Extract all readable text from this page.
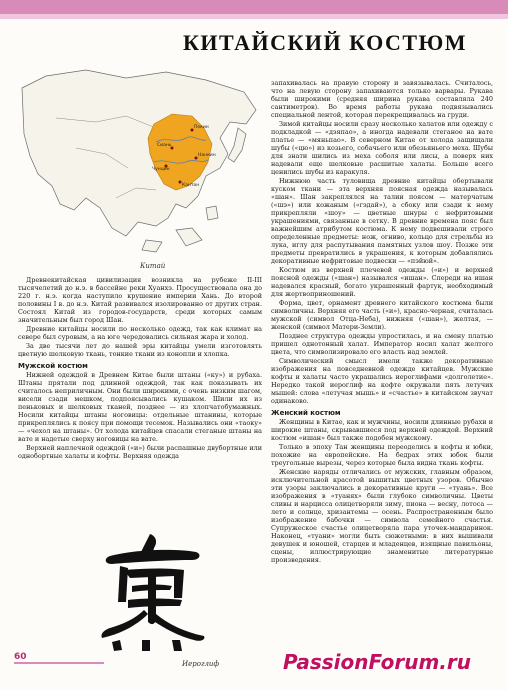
КИТАЙСКИЙ КОСТЮМ
Пекин
Сиань
Нанкин
Чунцин
Кантон
Китай

Древнекитайская цивилизация возникла на рубеже II-III тысячелетий до н.э. в бассейне реки Хуанхэ. Просуществовала она до 220 г. н.э. когда наступило крушение империи Хань. До второй половины I в. до н.э. Китай развивался изолированно от других стран. Состоял Китай из городов-государств, среди которых самым значительным был город Шан.

Древние китайцы носили по несколько одежд, так как климат на севере был суровым, а на юге чередовались сильная жара и холод.

За две тысячи лет до нашей эры китайцы умели изготовлять цветную шелковую ткань, тонкие ткани из конопли и хлопка.

Мужской костюм

Нижней одеждой в Древнем Китае были штаны («ку») и рубаха. Штаны прятали под длинной одеждой, так как показывать их считалось неприличным. Они были широкими, с очень низким шагом, висели сзади мешком, подпоясывались кушаком. Шили их из пеньковых и шелковых тканей, позднее — из хлопчатобумажных. Носили китайцы штаны ноговицы: отдельные штанины, которые прикреплялись к поясу при помощи тесемок. Назывались они «таоку» — «чехол на штаны». От холода китайцев спасали стеганые штаны на вате и надетые сверху ноговицы на вате.

Верхней наплечной одеждой («и») были распашные двубортные или однобортные халаты и кофты. Верхняя одежда

Иероглиф

запахивалась на правую сторону и завязывалась. Считалось, что на левую сторону запахиваются только варвары. Рукава были широкими (средняя ширина рукава составляла 240 сантиметров). Во время работы рукава подвязывались специальной лентой, которая перекрещивалась на груди.

Зимой китайцы носили сразу несколько халатов или одежду с подкладкой — «дэяпао», а иногда надевали стеганое на вате платье — «мяньпао». В северном Китае от холода защищали шубы («цю») из козьего, собачьего или обезьяньего меха. Шубы для знати шились из меха соболя или лисы, а поверх них надевали еще шелковые расшитые халаты. Больше всего ценились шубы из каракуля.

Нижнюю часть туловища древние китайцы обертывали куском ткани — эта верхняя поясная одежда называлась «шан». Шан закреплялся на талии поясом — матерчатым («шэ») или кожаным («гэдай»), а сбоку или сзади к нему прикрепляли «шоу» — цветные шнуры с нефритовыми украшениями, связанные в сетку. В древние времена пояс был важнейшим атрибутом костюма. К нему подвешивали строго определенные предметы: нож, огниво, кольцо для стрельбы из лука, иглу для распутывания памятных узлов шоу. Позже эти предметы превратились в украшения, к которым добавлялись декоративные нефритовые подвески — «пэйюй».

Костюм из верхней плечевой одежды («и») и верхней поясной одежды («шан») назывался «ишан». Спереди на ишан надевался красный, богато украшенный фартук, необходимый для жертвоприношений.

Форма, цвет, орнамент древнего китайского костюма были символичны. Верхняя его часть («и»), красно-черная, считалась мужской (символ Отца-Неба), нижняя («шан»), желтая, — женской (символ Матери-Земли).

Позднее структура одежды упростилась, и на смену платью пришел однотонный халат. Император носил халат желтого цвета, что символизировало его власть над землей.

Символический смысл имели также декоративные изображения на повседневной одежде китайцев. Мужские кофты и халаты часто украшались иероглифами «долголетие». Нередко такой иероглиф на кофте окружали пять летучих мышей: слова «летучая мышь» и «счастье» в китайском звучат одинаково.

Женский костюм

Женщины в Китае, как и мужчины, носили длинные рубахи и широкие штаны, скрывавшиеся под верхней одеждой. Верхний костюм «ишан» был также подобен мужскому.

Только в эпоху Тан женщины переоделись в кофты и юбки, похожие на европейские. На бедрах этих юбок были треугольные вырезы, через которые была видна ткань кофты.

Женские наряды отличались от мужских, главным образом, исключительной красотой вышитых цветных узоров. Обычно эти узоры заключались в декоративные круги — «туань». Все изображения в «туанях» были глубоко символичны. Цветы сливы и нарцисса олицетворяли зиму, пиона — весну, лотоса — лето и солнце, хризантемы — осень. Распространенным было изображение бабочки — символа семейного счастья. Супружеское счастье олицетворяла пара уточек-мандаринок. Наконец, «туани» могли быть сюжетными: в них вышивали девушек и юношей, старцев и младенцев, изящные павильоны, сцены, иллюстрирующие знаменитые литературные произведения.

60	PassionForum.ru
